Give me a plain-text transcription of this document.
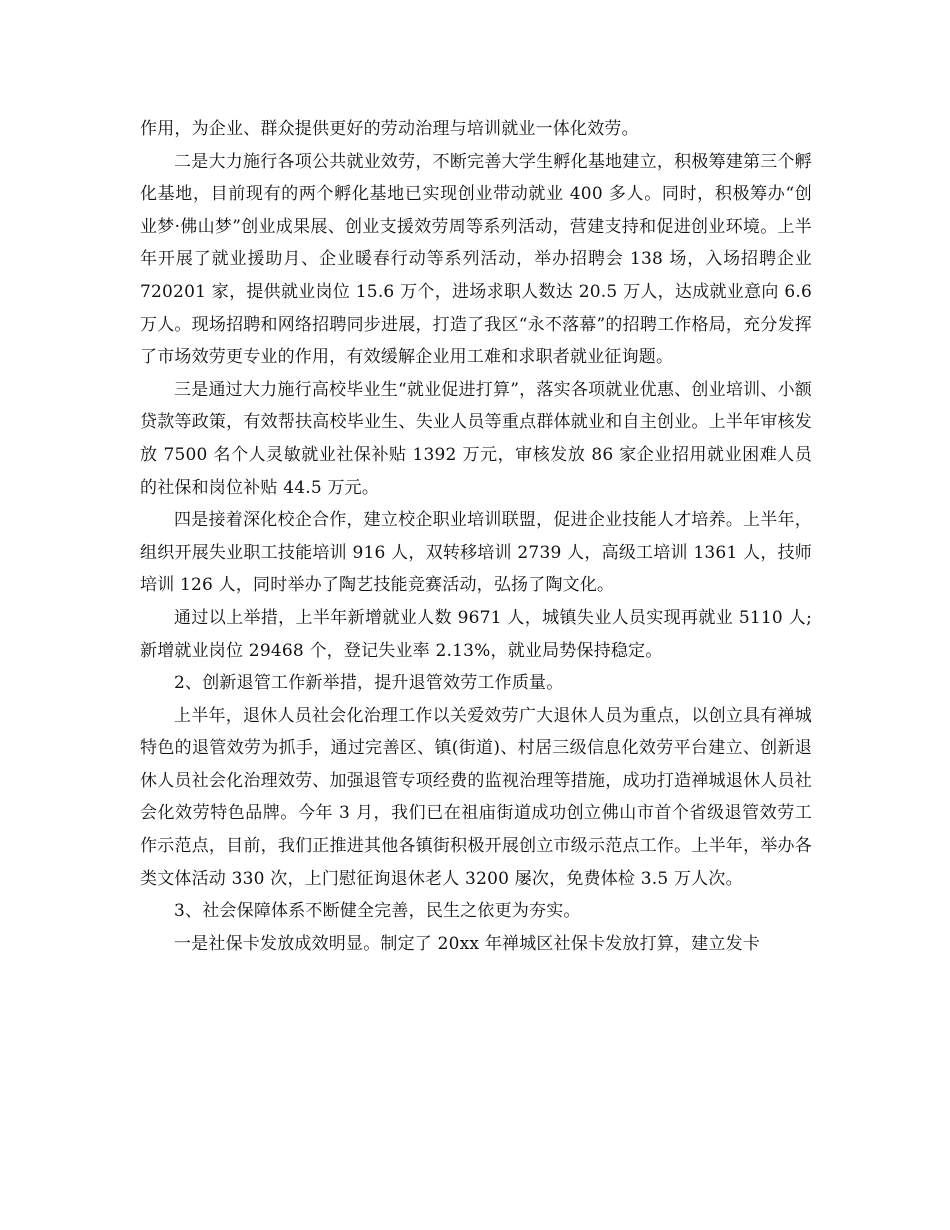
作用，为企业、群众提供更好的劳动治理与培训就业一体化效劳。

二是大力施行各项公共就业效劳，不断完善大学生孵化基地建立，积极筹建第三个孵化基地，目前现有的两个孵化基地已实现创业带动就业 400 多人。同时，积极筹办“创业梦·佛山梦”创业成果展、创业支援效劳周等系列活动，营建支持和促进创业环境。上半年开展了就业援助月、企业暖春行动等系列活动，举办招聘会 138 场，入场招聘企业 720201 家，提供就业岗位 15.6 万个，进场求职人数达 20.5 万人，达成就业意向 6.6 万人。现场招聘和网络招聘同步进展，打造了我区“永不落幕”的招聘工作格局，充分发挥了市场效劳更专业的作用，有效缓解企业用工难和求职者就业征询题。

三是通过大力施行高校毕业生“就业促进打算”，落实各项就业优惠、创业培训、小额贷款等政策，有效帮扶高校毕业生、失业人员等重点群体就业和自主创业。上半年审核发放 7500 名个人灵敏就业社保补贴 1392 万元，审核发放 86 家企业招用就业困难人员的社保和岗位补贴 44.5 万元。

四是接着深化校企合作，建立校企职业培训联盟，促进企业技能人才培养。上半年，组织开展失业职工技能培训 916 人，双转移培训 2739 人，高级工培训 1361 人，技师培训 126 人，同时举办了陶艺技能竞赛活动，弘扬了陶文化。

通过以上举措，上半年新增就业人数 9671 人，城镇失业人员实现再就业 5110 人;新增就业岗位 29468 个，登记失业率 2.13%，就业局势保持稳定。

2、创新退管工作新举措，提升退管效劳工作质量。

上半年，退休人员社会化治理工作以关爱效劳广大退休人员为重点，以创立具有禅城特色的退管效劳为抓手，通过完善区、镇(街道)、村居三级信息化效劳平台建立、创新退休人员社会化治理效劳、加强退管专项经费的监视治理等措施，成功打造禅城退休人员社会化效劳特色品牌。今年 3 月，我们已在祖庙街道成功创立佛山市首个省级退管效劳工作示范点，目前，我们正推进其他各镇街积极开展创立市级示范点工作。上半年，举办各类文体活动 330 次，上门慰征询退休老人 3200 屡次，免费体检 3.5 万人次。

3、社会保障体系不断健全完善，民生之依更为夯实。

一是社保卡发放成效明显。制定了 20xx 年禅城区社保卡发放打算，建立发卡
